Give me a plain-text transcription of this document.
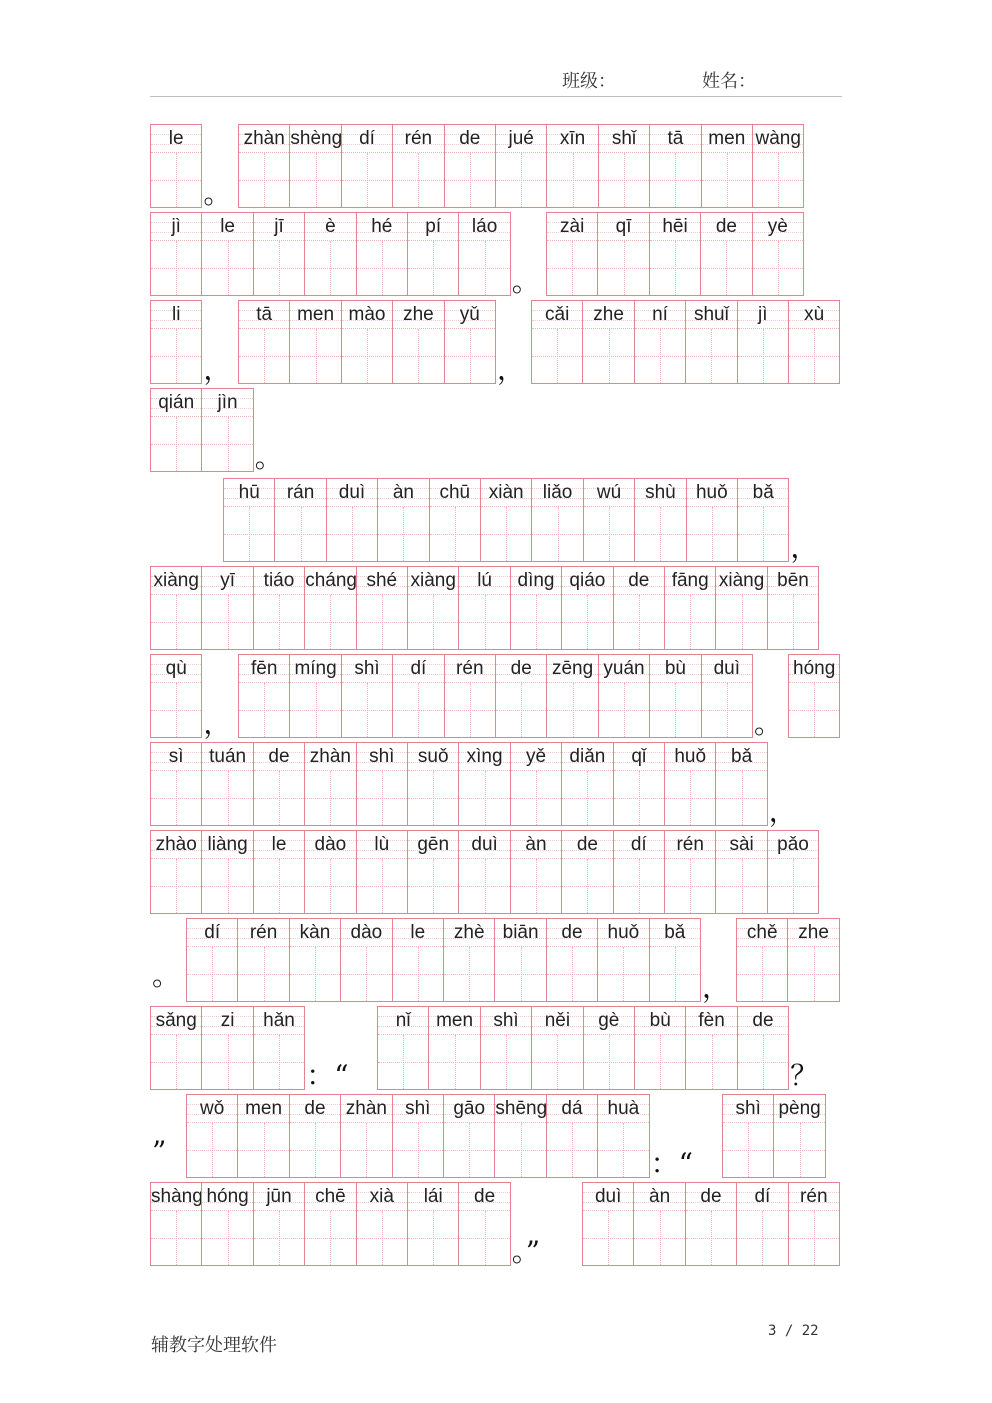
班级：	姓名：
le
。
zhàn shèng dí	rén	de	jué	xīn	shǐ	tā	men wàng
jì	le	jī	è	hé	pí	láo
。
zài	qī	hēi	de	yè
li
，
tā	men mào zhe	yǔ
，
cǎi	zhe	ní	shuǐ	jì	xù
qián	jìn
。
hū	rán	duì	àn	chū xiàn	liǎo	wú	shù	huǒ	bǎ
，
xiàng	yī	tiáo cháng shé xiàng	lú	dìng qiáo	de	fāng xiàng bēn
qù
，
fēn míng shì	dí	rén	de	zēng yuán	bù	duì
。
hóng
sì	tuán	de	zhàn shì	suǒ xìng	yě	diǎn	qǐ	huǒ	bǎ
，
zhào liàng	le	dào	lù	gēn	duì	àn	de	dí	rén	sài	pǎo
dí	rén	kàn	dào	le	zhè biān	de	huǒ	bǎ
，
。
chě	zhe
sǎng	zi	hǎn
：“
nǐ	men	shì	něi	gè	bù	fèn	de
？
wǒ	men	de	zhàn shì	gāo shēng dá	huà
：“
”
shì pèng
shàng hóng jūn	chē	xià	lái	de
。”
duì	àn	de	dí	rén
辅教字处理软件
3 / 22
